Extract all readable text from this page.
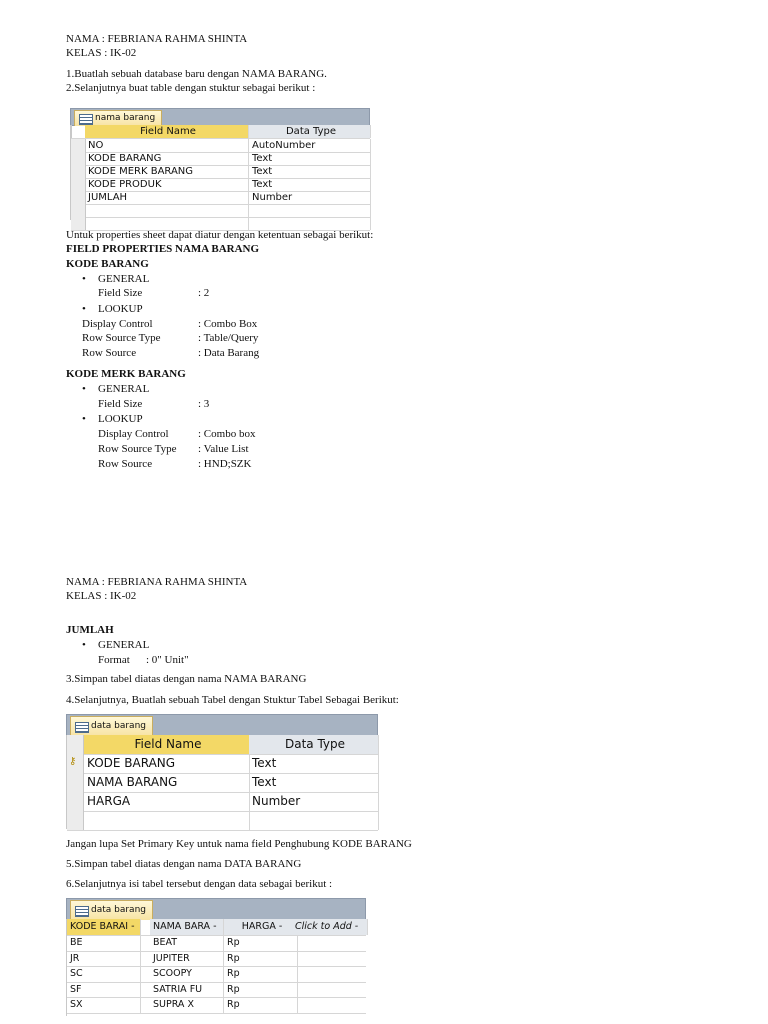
NAMA : FEBRIANA RAHMA SHINTA
KELAS : IK-02
1.Buatlah sebuah database baru dengan NAMA BARANG.
2.Selanjutnya buat table dengan stuktur sebagai berikut :
nama barang
Field Name	Data Type
NO	AutoNumber
KODE BARANG	Text
KODE MERK BARANG	Text
KODE PRODUK	Text
JUMLAH	Number
Untuk properties sheet dapat diatur dengan ketentuan sebagai berikut:
FIELD PROPERTIES NAMA BARANG
KODE BARANG
• GENERAL
Field Size	: 2
• LOOKUP
Display Control	: Combo Box
Row Source Type	: Table/Query
Row Source	: Data Barang
KODE MERK BARANG
• GENERAL
Field Size	: 3
• LOOKUP
Display Control	: Combo box
Row Source Type : Value List
Row Source	: HND;SZK
NAMA : FEBRIANA RAHMA SHINTA
KELAS : IK-02
JUMLAH
• GENERAL
Format : 0" Unit"
3.Simpan tabel diatas dengan nama NAMA BARANG
4.Selanjutnya, Buatlah sebuah Tabel dengan Stuktur Tabel Sebagai Berikut:
data barang
Field Name	Data Type
⚷ KODE BARANG	Text
NAMA BARANG	Text
HARGA	Number
Jangan lupa Set Primary Key untuk nama field Penghubung KODE BARANG
5.Simpan tabel diatas dengan nama DATA BARANG
6.Selanjutnya isi tabel tersebut dengan data sebagai berikut :
data barang
KODE BARAI -	NAMA BARA -	HARGA -	Click to Add -
BE	BEAT	Rp
JR	JUPITER	Rp
SC	SCOOPY	Rp
SF	SATRIA FU	Rp
SX	SUPRA X	Rp
